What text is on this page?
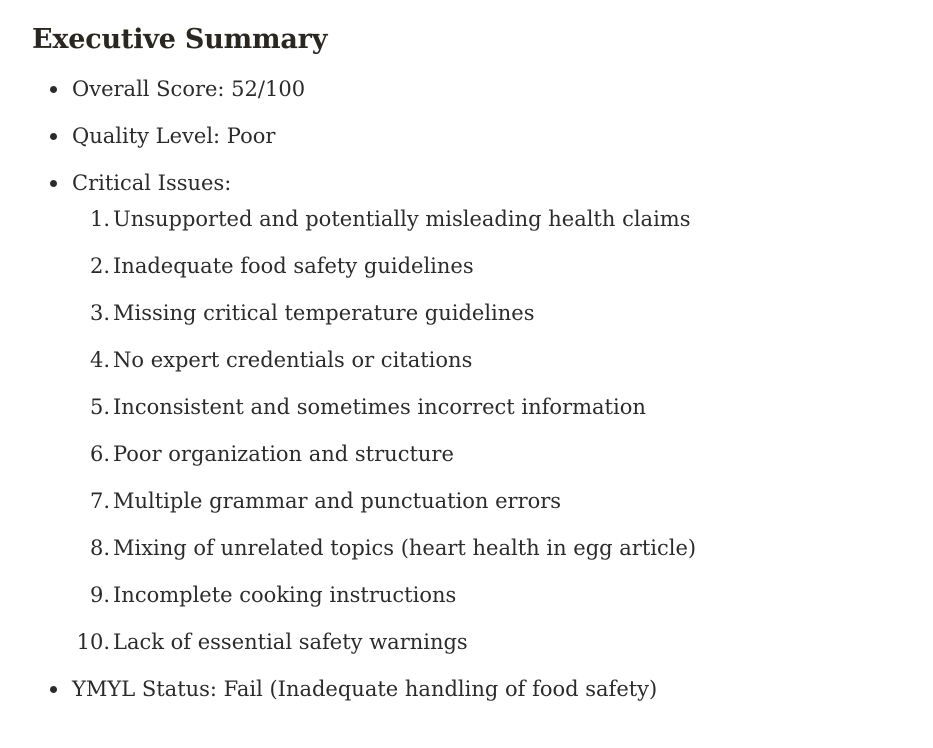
Executive Summary
Overall Score: 52/100
Quality Level: Poor
Critical Issues:
1. Unsupported and potentially misleading health claims
2. Inadequate food safety guidelines
3. Missing critical temperature guidelines
4. No expert credentials or citations
5. Inconsistent and sometimes incorrect information
6. Poor organization and structure
7. Multiple grammar and punctuation errors
8. Mixing of unrelated topics (heart health in egg article)
9. Incomplete cooking instructions
10. Lack of essential safety warnings
YMYL Status: Fail (Inadequate handling of food safety)
